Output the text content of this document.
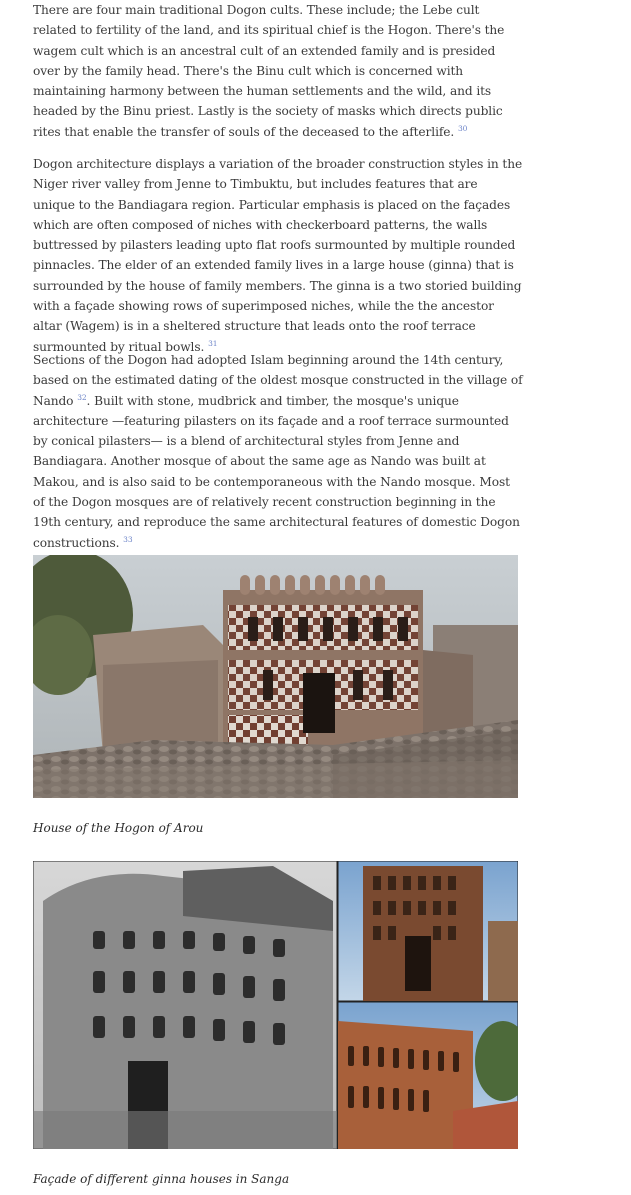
There are four main traditional Dogon cults. These include; the Lebe cult related to fertility of the land, and its spiritual chief is the Hogon. There's the wagem cult which is an ancestral cult of an extended family and is presided over by the family head. There's the Binu cult which is concerned with maintaining harmony between the human settlements and the wild, and its headed by the Binu priest. Lastly is the society of masks which directs public rites that enable the transfer of souls of the deceased to the afterlife. $^{30}$

Dogon architecture displays a variation of the broader construction styles in the Niger river valley from Jenne to Timbuktu, but includes features that are unique to the Bandiagara region. Particular emphasis is placed on the façades which are often composed of niches with checkerboard patterns, the walls buttressed by pilasters leading upto flat roofs surmounted by multiple rounded pinnacles. The elder of an extended family lives in a large house (ginna) that is surrounded by the house of family members. The ginna is a two storied building with a façade showing rows of superimposed niches, while the the ancestor altar (Wagem) is in a sheltered structure that leads onto the roof terrace surmounted by ritual bowls. $^{31}$

Sections of the Dogon had adopted Islam beginning around the 14th century, based on the estimated dating of the oldest mosque constructed in the village of Nando $^{32}$. Built with stone, mudbrick and timber, the mosque's unique architecture —featuring pilasters on its façade and a roof terrace surmounted by conical pilasters— is a blend of architectural styles from Jenne and Bandiagara. Another mosque of about the same age as Nando was built at Makou, and is also said to be contemporaneous with the Nando mosque. Most of the Dogon mosques are of relatively recent construction beginning in the 19th century, and reproduce the same architectural features of domestic Dogon constructions. $^{33}$

House of the Hogon of Arou
Façade of different ginna houses in Sanga
